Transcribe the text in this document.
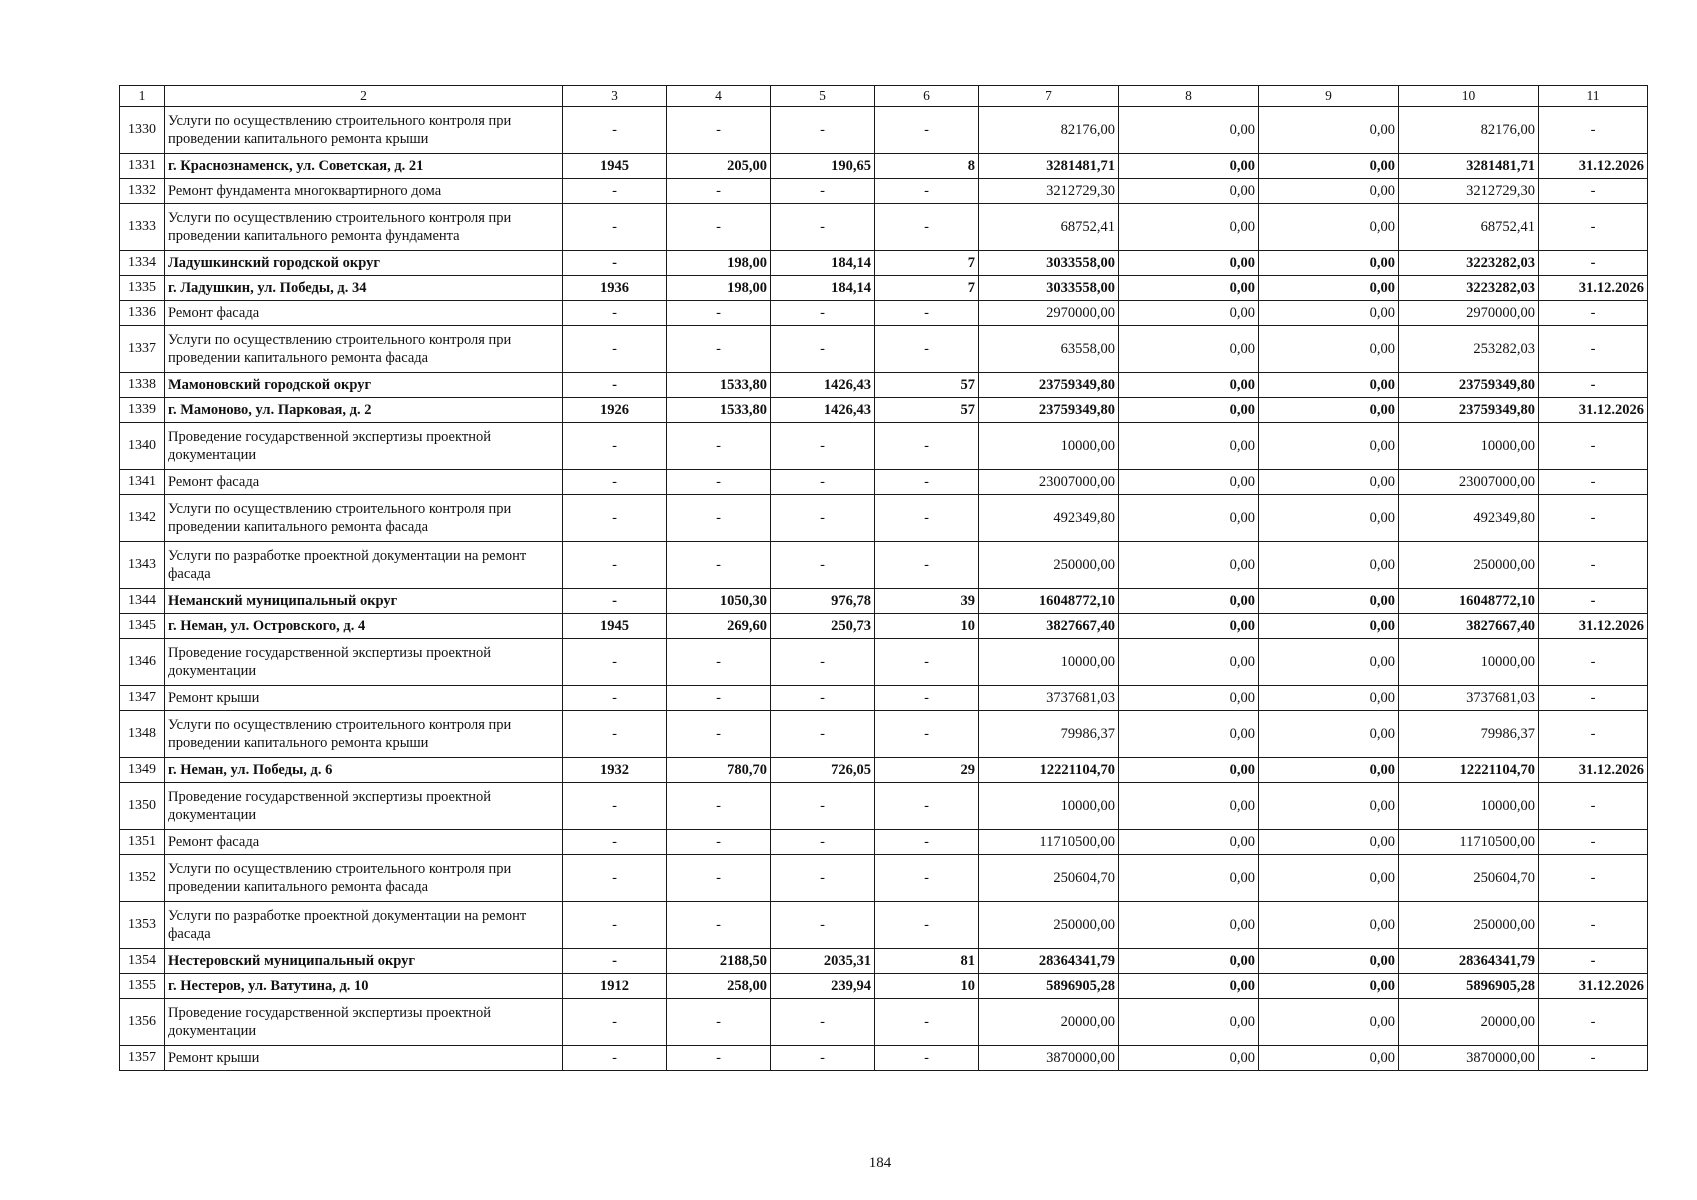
1	2	3	4	5	6	7	8	9	10	11
1330	Услуги по осуществлению строительного контроля при проведении капитального ремонта крыши	-	-	-	-	82176,00	0,00	0,00	82176,00	-
1331	г. Краснознаменск, ул. Советская, д. 21	1945	205,00	190,65	8	3281481,71	0,00	0,00	3281481,71	31.12.2026
1332	Ремонт фундамента многоквартирного дома	-	-	-	-	3212729,30	0,00	0,00	3212729,30	-
1333	Услуги по осуществлению строительного контроля при проведении капитального ремонта фундамента	-	-	-	-	68752,41	0,00	0,00	68752,41	-
1334	Ладушкинский городской округ	-	198,00	184,14	7	3033558,00	0,00	0,00	3223282,03	-
1335	г. Ладушкин, ул. Победы, д. 34	1936	198,00	184,14	7	3033558,00	0,00	0,00	3223282,03	31.12.2026
1336	Ремонт фасада	-	-	-	-	2970000,00	0,00	0,00	2970000,00	-
1337	Услуги по осуществлению строительного контроля при проведении капитального ремонта фасада	-	-	-	-	63558,00	0,00	0,00	253282,03	-
1338	Мамоновский городской округ	-	1533,80	1426,43	57	23759349,80	0,00	0,00	23759349,80	-
1339	г. Мамоново, ул. Парковая, д. 2	1926	1533,80	1426,43	57	23759349,80	0,00	0,00	23759349,80	31.12.2026
1340	Проведение государственной экспертизы проектной документации	-	-	-	-	10000,00	0,00	0,00	10000,00	-
1341	Ремонт фасада	-	-	-	-	23007000,00	0,00	0,00	23007000,00	-
1342	Услуги по осуществлению строительного контроля при проведении капитального ремонта фасада	-	-	-	-	492349,80	0,00	0,00	492349,80	-
1343	Услуги по разработке проектной документации на ремонт фасада	-	-	-	-	250000,00	0,00	0,00	250000,00	-
1344	Неманский муниципальный округ	-	1050,30	976,78	39	16048772,10	0,00	0,00	16048772,10	-
1345	г. Неман, ул. Островского, д. 4	1945	269,60	250,73	10	3827667,40	0,00	0,00	3827667,40	31.12.2026
1346	Проведение государственной экспертизы проектной документации	-	-	-	-	10000,00	0,00	0,00	10000,00	-
1347	Ремонт крыши	-	-	-	-	3737681,03	0,00	0,00	3737681,03	-
1348	Услуги по осуществлению строительного контроля при проведении капитального ремонта крыши	-	-	-	-	79986,37	0,00	0,00	79986,37	-
1349	г. Неман, ул. Победы, д. 6	1932	780,70	726,05	29	12221104,70	0,00	0,00	12221104,70	31.12.2026
1350	Проведение государственной экспертизы проектной документации	-	-	-	-	10000,00	0,00	0,00	10000,00	-
1351	Ремонт фасада	-	-	-	-	11710500,00	0,00	0,00	11710500,00	-
1352	Услуги по осуществлению строительного контроля при проведении капитального ремонта фасада	-	-	-	-	250604,70	0,00	0,00	250604,70	-
1353	Услуги по разработке проектной документации на ремонт фасада	-	-	-	-	250000,00	0,00	0,00	250000,00	-
1354	Нестеровский муниципальный округ	-	2188,50	2035,31	81	28364341,79	0,00	0,00	28364341,79	-
1355	г. Нестеров, ул. Ватутина, д. 10	1912	258,00	239,94	10	5896905,28	0,00	0,00	5896905,28	31.12.2026
1356	Проведение государственной экспертизы проектной документации	-	-	-	-	20000,00	0,00	0,00	20000,00	-
1357	Ремонт крыши	-	-	-	-	3870000,00	0,00	0,00	3870000,00	-
184
